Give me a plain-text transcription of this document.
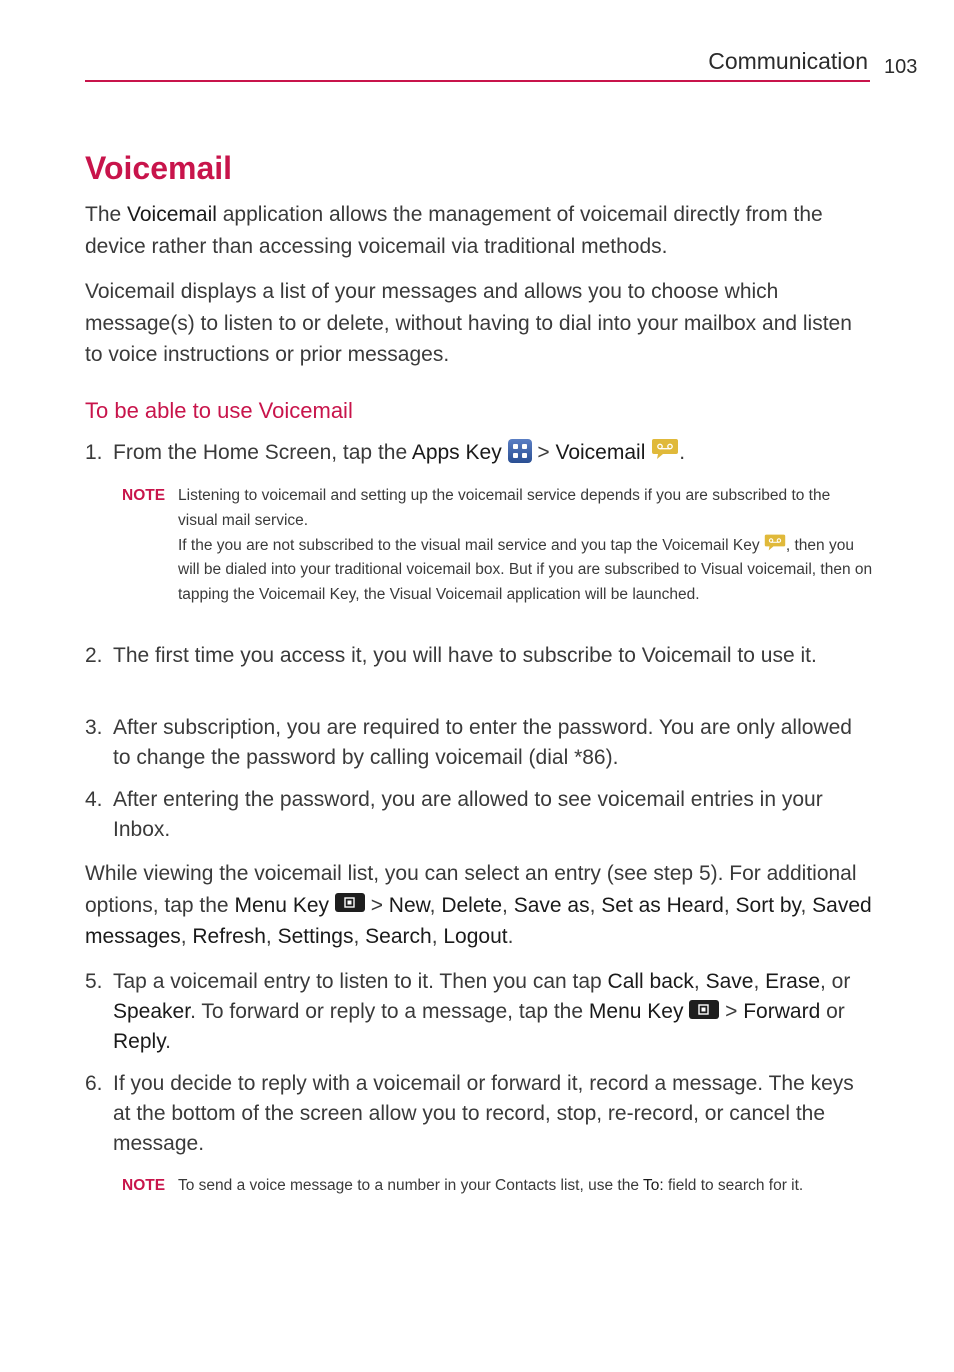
Communication 103
Voicemail

The Voicemail application allows the management of voicemail directly from the device rather than accessing voicemail via traditional methods.

Voicemail displays a list of your messages and allows you to choose which message(s) to listen to or delete, without having to dial into your mailbox and listen to voice instructions or prior messages.

To be able to use Voicemail
1. From the Home Screen, tap the Apps Key
> Voicemail .
NOTE Listening to voicemail and setting up the voicemail service depends if you are subscribed to the visual mail service.
If the you are not subscribed to the visual mail service and you tap the Voicemail Key , then you will be dialed into your traditional voicemail box. But if you are subscribed to Visual voicemail, then on tapping the Voicemail Key, the Visual Voicemail application will be launched.
2. The first time you access it, you will have to subscribe to Voicemail to use it.
3. After subscription, you are required to enter the password. You are only allowed to change the password by calling voicemail (dial *86).
4. After entering the password, you are allowed to see voicemail entries in your Inbox.

While viewing the voicemail list, you can select an entry (see step 5). For additional options, tap the Menu Key
> New, Delete, Save as, Set as Heard, Sort by, Saved messages, Refresh, Settings, Search, Logout.

5. Tap a voicemail entry to listen to it. Then you can tap Call back, Save, Erase, or Speaker. To forward or reply to a message, tap the Menu Key
> Forward or Reply.
6. If you decide to reply with a voicemail or forward it, record a message. The keys at the bottom of the screen allow you to record, stop, re-record, or cancel the message.
NOTE To send a voice message to a number in your Contacts list, use the To: field to search for it.
